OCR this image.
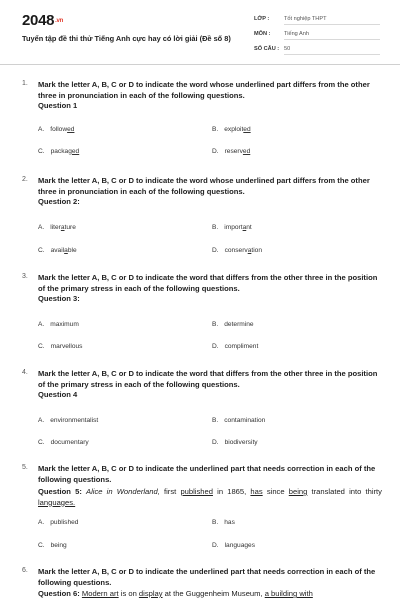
2048.vn
Tuyển tập đề thi thử Tiếng Anh cực hay có lời giải (Đề số 8)
LỚP :	Tốt nghiệp THPT
MÔN : Tiếng Anh
SỐ CÂU : 50
1. Mark the letter A, B, C or D to indicate the word whose underlined part differs from the other three in pronunciation in each of the following questions.
Question 1
A. followed	B. exploited
C. packaged	D. reserved
2. Mark the letter A, B, C or D to indicate the word whose underlined part differs from the other three in pronunciation in each of the following questions.
Question 2:
A. literature	B. important
C. available	D. conservation
3. Mark the letter A, B, C or D to indicate the word that differs from the other three in the position of the primary stress in each of the following questions.
Question 3:
A. maximum	B. determine
C. marvellous	D. compliment
4. Mark the letter A, B, C or D to indicate the word that differs from the other three in the position of the primary stress in each of the following questions.
Question 4
A. environmentalist	B. contamination
C. documentary	D. biodiversity
5. Mark the letter A, B, C or D to indicate the underlined part that needs correction in each of the following questions.
Question 5: Alice in Wonderland, first published in 1865, has since being translated into thirty languages.
A. published	B. has
C. being	D. languages
6. Mark the letter A, B, C or D to indicate the underlined part that needs correction in each of the following questions.
Question 6: Modern art is on display at the Guggenheim Museum, a building with
